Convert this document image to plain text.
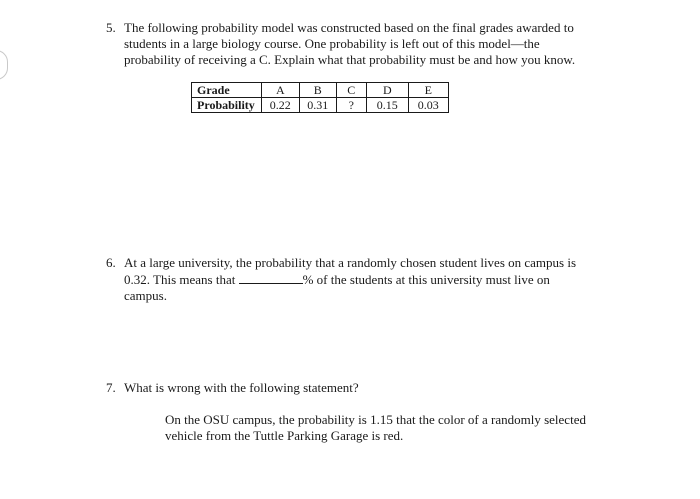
5. The following probability model was constructed based on the final grades awarded to
students in a large biology course. One probability is left out of this model—the
probability of receiving a C. Explain what that probability must be and how you know.
Grade	A	B	C	D	E
Probability	0.22	0.31	?	0.15	0.03
6. At a large university, the probability that a randomly chosen student lives on campus is
0.32. This means that	% of the students at this university must live on
campus.
7. What is wrong with the following statement?
On the OSU campus, the probability is 1.15 that the color of a randomly selected
vehicle from the Tuttle Parking Garage is red.
